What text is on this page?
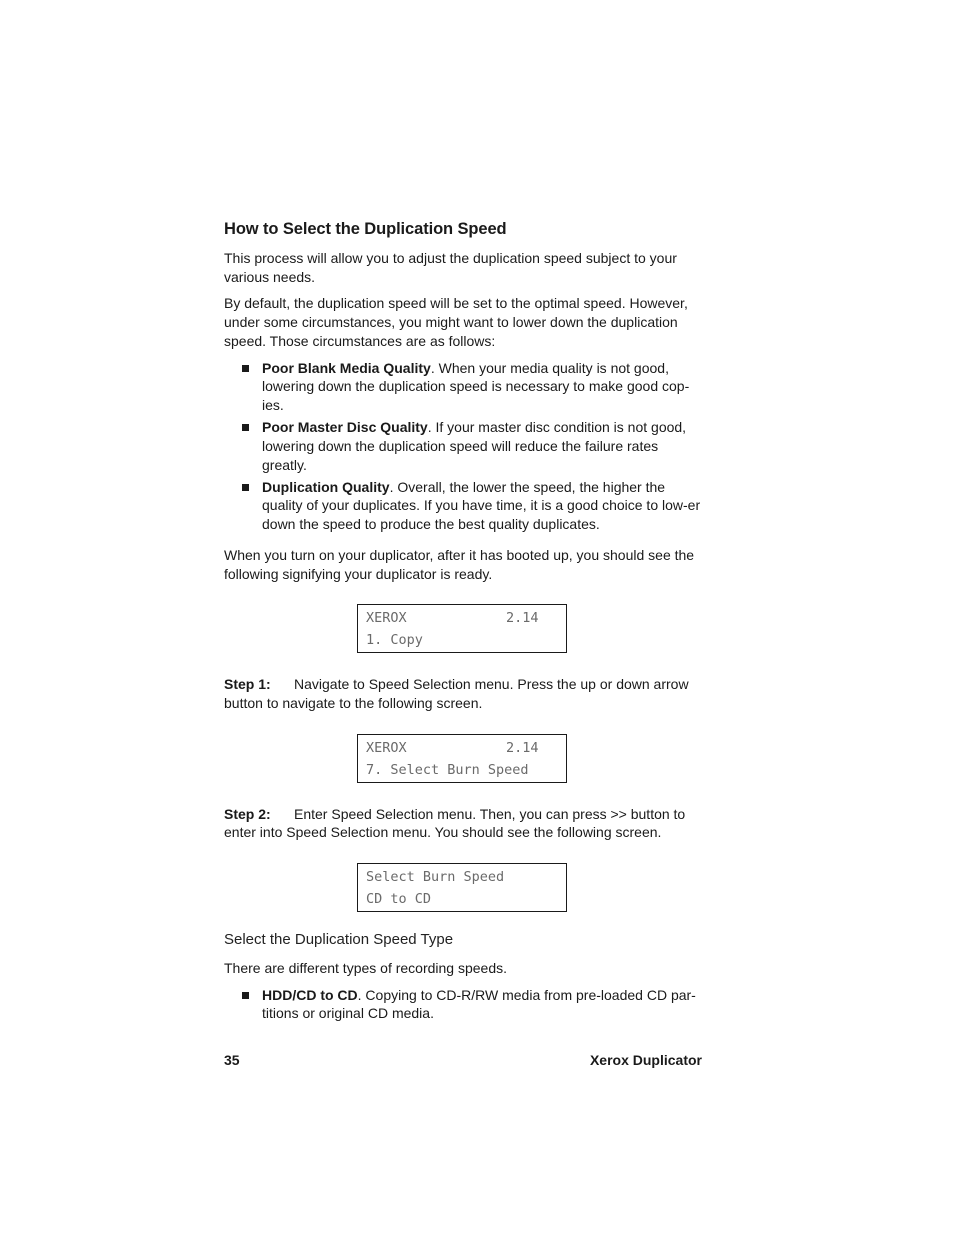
How to Select the Duplication Speed

This process will allow you to adjust the duplication speed subject to your various needs.

By default, the duplication speed will be set to the optimal speed. However, under some circumstances, you might want to lower down the duplication speed. Those circumstances are as follows:

Poor Blank Media Quality. When your media quality is not good, lowering down the duplication speed is necessary to make good cop-ies.
Poor Master Disc Quality. If your master disc condition is not good, lowering down the duplication speed will reduce the failure rates greatly.
Duplication Quality. Overall, the lower the speed, the higher the quality of your duplicates. If you have time, it is a good choice to low-er down the speed to produce the best quality duplicates.

When you turn on your duplicator, after it has booted up, you should see the following signifying your duplicator is ready.

XEROX	2.14
1. Copy
Step 1: Navigate to Speed Selection menu. Press the up or down arrow button to navigate to the following screen.
XEROX	2.14
7. Select Burn Speed
Step 2: Enter Speed Selection menu. Then, you can press >> button to enter into Speed Selection menu. You should see the following screen.
Select Burn Speed
CD to CD
Select the Duplication Speed Type

There are different types of recording speeds.

HDD/CD to CD. Copying to CD-R/RW media from pre-loaded CD par-titions or original CD media.
35	Xerox Duplicator
